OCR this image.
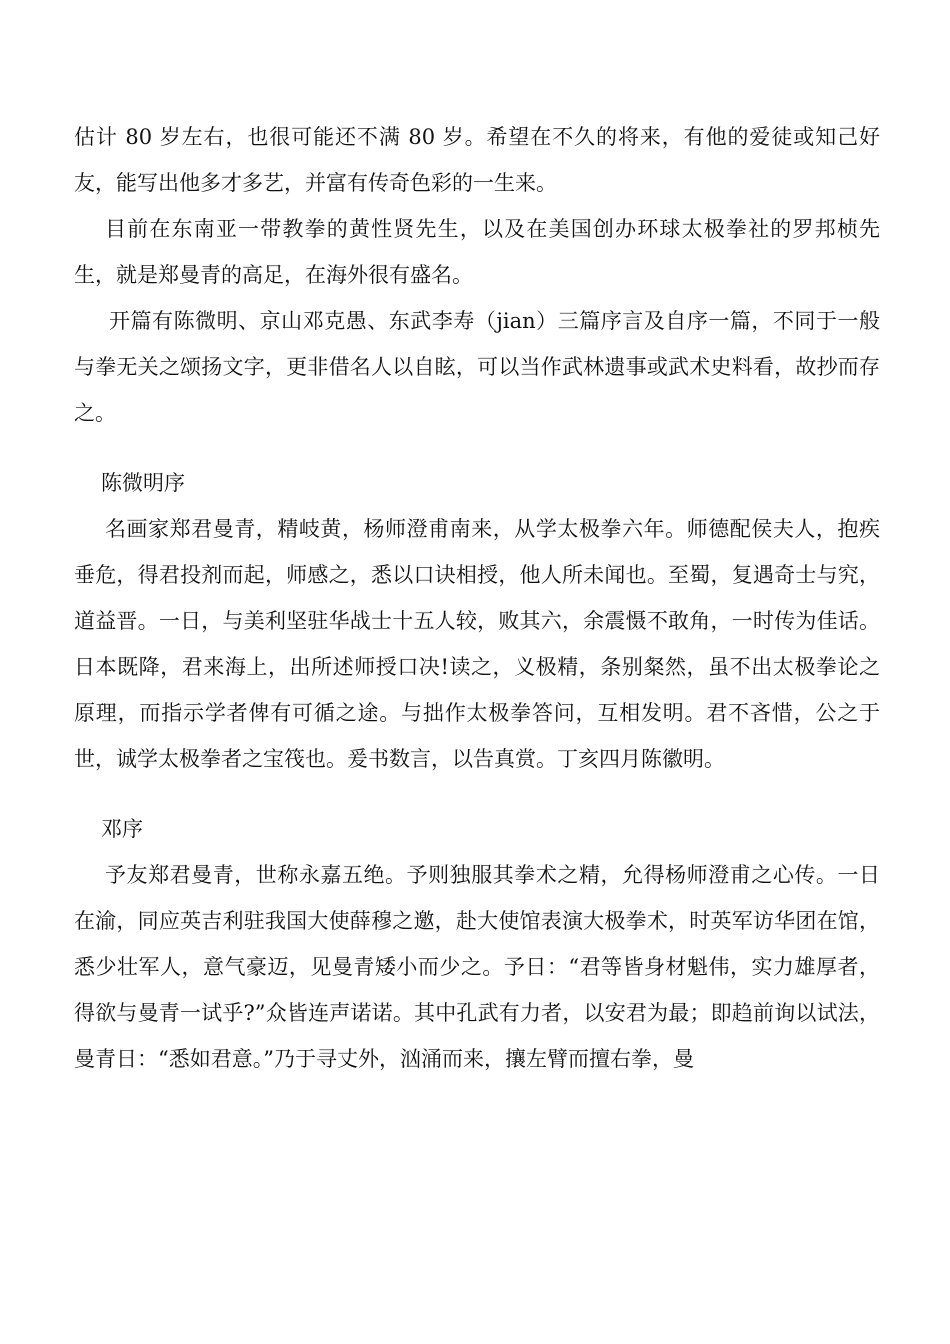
估计 80 岁左右，也很可能还不满 80 岁。希望在不久的将来，有他的爱徒或知己好友，能写出他多才多艺，并富有传奇色彩的一生来。

目前在东南亚一带教拳的黄性贤先生，以及在美国创办环球太极拳社的罗邦桢先生，就是郑曼青的高足，在海外很有盛名。

开篇有陈微明、京山邓克愚、东武李寿（jian）三篇序言及自序一篇，不同于一般与拳无关之颂扬文字，更非借名人以自眩，可以当作武林遗事或武术史料看，故抄而存之。

陈微明序

名画家郑君曼青，精岐黄，杨师澄甫南来，从学太极拳六年。师德配侯夫人，抱疾垂危，得君投剂而起，师感之，悉以口诀相授，他人所未闻也。至蜀，复遇奇士与究，道益晋。一日，与美利坚驻华战士十五人较，败其六，余震慑不敢角，一时传为佳话。日本既降，君来海上，出所述师授口决!读之，义极精，条别粲然，虽不出太极拳论之原理，而指示学者俾有可循之途。与拙作太极拳答问，互相发明。君不吝惜，公之于世，诚学太极拳者之宝筏也。爰书数言，以告真赏。丁亥四月陈徽明。

邓序

予友郑君曼青，世称永嘉五绝。予则独服其拳术之精，允得杨师澄甫之心传。一日在渝，同应英吉利驻我国大使薛穆之邀，赴大使馆表演大极拳术，时英军访华团在馆，悉少壮军人，意气豪迈，见曼青矮小而少之。予日：“君等皆身材魁伟，实力雄厚者，得欲与曼青一试乎?”众皆连声诺诺。其中孔武有力者，以安君为最；即趋前询以试法，曼青日：“悉如君意。”乃于寻丈外，汹涌而来，攘左臂而擅右拳，曼
